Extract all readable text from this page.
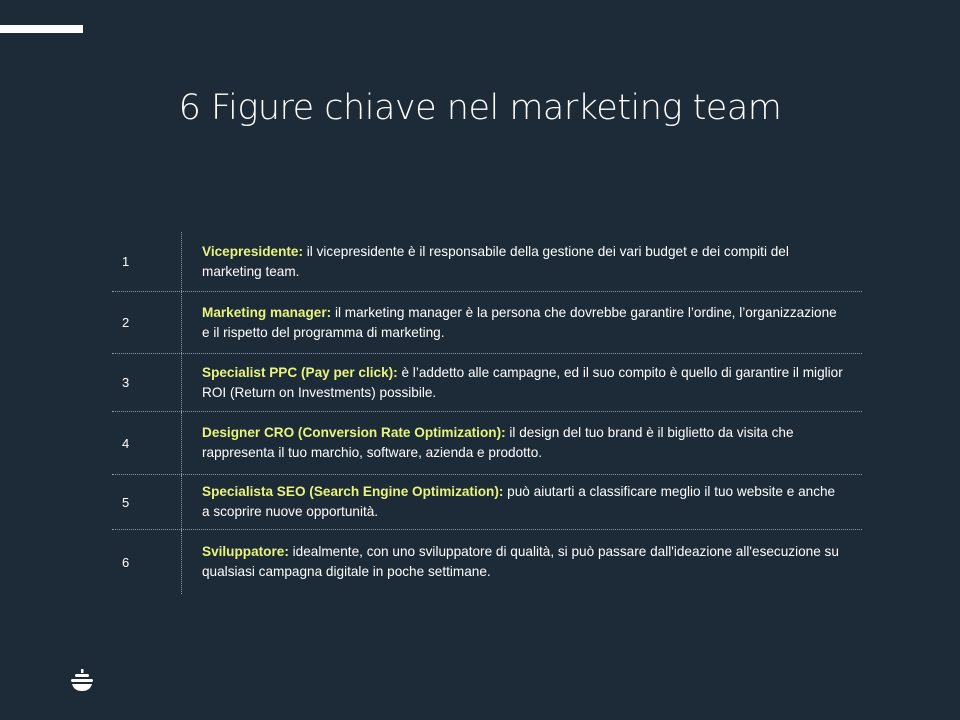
6 Figure chiave nel marketing team
1
Vicepresidente: il vicepresidente è il responsabile della gestione dei vari budget e dei compiti del marketing team.
2
Marketing manager: il marketing manager è la persona che dovrebbe garantire l’ordine, l’organizzazione e il rispetto del programma di marketing.
3
Specialist PPC (Pay per click): è l’addetto alle campagne, ed il suo compito è quello di garantire il miglior ROI (Return on Investments) possibile.
4
Designer CRO (Conversion Rate Optimization): il design del tuo brand è il biglietto da visita che rappresenta il tuo marchio, software, azienda e prodotto.
5
Specialista SEO (Search Engine Optimization): può aiutarti a classificare meglio il tuo website e anche a scoprire nuove opportunità.
6
Sviluppatore: idealmente, con uno sviluppatore di qualità, si può passare dall'ideazione all'esecuzione su qualsiasi campagna digitale in poche settimane.
